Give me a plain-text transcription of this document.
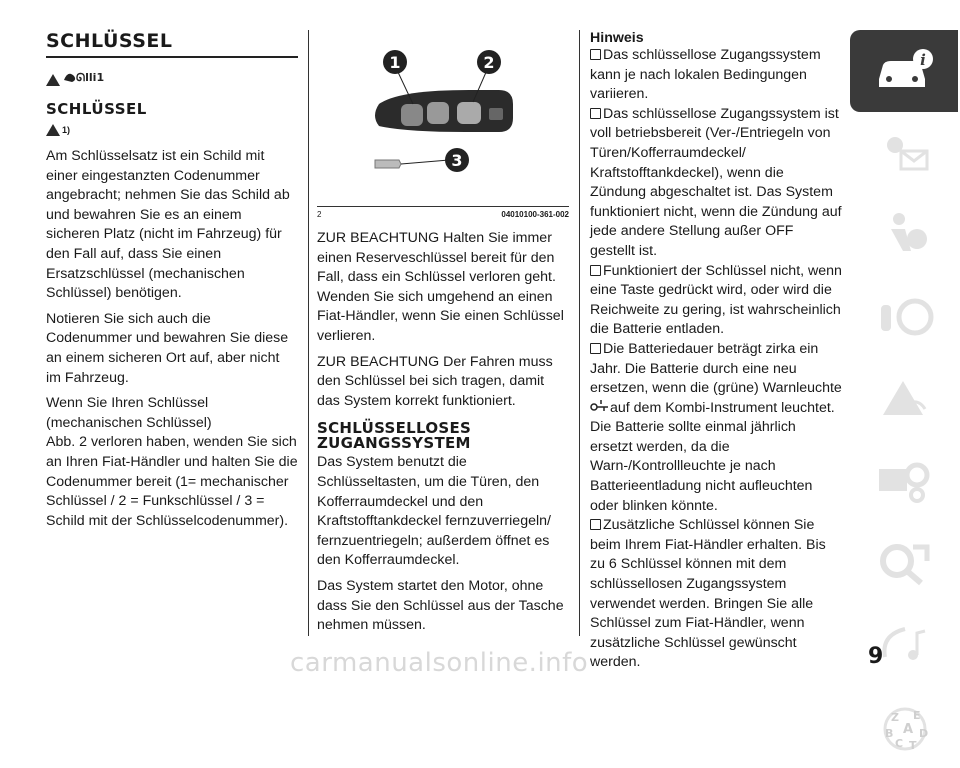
SCHLÜSSEL
ᘏlli1
SCHLÜSSEL
1)

Am Schlüsselsatz ist ein Schild mit einer eingestanzten Codenummer angebracht; nehmen Sie das Schild ab und bewahren Sie es an einem sicheren Platz (nicht im Fahrzeug) für den Fall auf, dass Sie einen Ersatzschlüssel (mechanischen Schlüssel) benötigen.

Notieren Sie sich auch die Codenummer und bewahren Sie diese an einem sicheren Ort auf, aber nicht im Fahrzeug.

Wenn Sie Ihren Schlüssel (mechanischen Schlüssel)
Abb. 2 verloren haben, wenden Sie sich an Ihren Fiat-Händler und halten Sie die Codenummer bereit (1= mechanischer Schlüssel / 2 = Funkschlüssel / 3 = Schild mit der Schlüsselcodenummer).

1	2
3
2	04010100-361-002

ZUR BEACHTUNG Halten Sie immer einen Reserveschlüssel bereit für den Fall, dass ein Schlüssel verloren geht. Wenden Sie sich umgehend an einen Fiat-Händler, wenn Sie einen Schlüssel verlieren.

ZUR BEACHTUNG Der Fahren muss den Schlüssel bei sich tragen, damit das System korrekt funktioniert.

SCHLÜSSELLOSES ZUGANGSSYSTEM

Das System benutzt die Schlüsseltasten, um die Türen, den Kofferraumdeckel und den Kraftstofftankdeckel fernzuverriegeln/ fernzuentriegeln; außerdem öffnet es den Kofferraumdeckel.

Das System startet den Motor, ohne dass Sie den Schlüssel aus der Tasche nehmen müssen.

Hinweis

Das schlüssellose Zugangssystem kann je nach lokalen Bedingungen variieren.

Das schlüssellose Zugangssystem ist voll betriebsbereit (Ver-/Entriegeln von Türen/Kofferraumdeckel/ Kraftstofftankdeckel), wenn die Zündung abgeschaltet ist. Das System funktioniert nicht, wenn die Zündung auf jede andere Stellung außer OFF gestellt ist.

Funktioniert der Schlüssel nicht, wenn eine Taste gedrückt wird, oder wird die Reichweite zu gering, ist wahrscheinlich die Batterie entladen.

Die Batteriedauer beträgt zirka ein Jahr. Die Batterie durch eine neu ersetzen, wenn die (grüne) Warnleuchte
auf dem Kombi-Instrument leuchtet. Die Batterie sollte einmal jährlich ersetzt werden, da die Warn-/Kontrollleuchte je nach Batterieentladung nicht aufleuchten oder blinken könnte.

Zusätzliche Schlüssel können Sie beim Ihrem Fiat-Händler erhalten. Bis zu 6 Schlüssel können mit dem schlüssellosen Zugangssystem verwendet werden. Bringen Sie alle Schlüssel zum Fiat-Händler, wenn zusätzliche Schlüssel gewünscht werden.

i
Z E
B A D
C T
9
carmanualsonline.info
